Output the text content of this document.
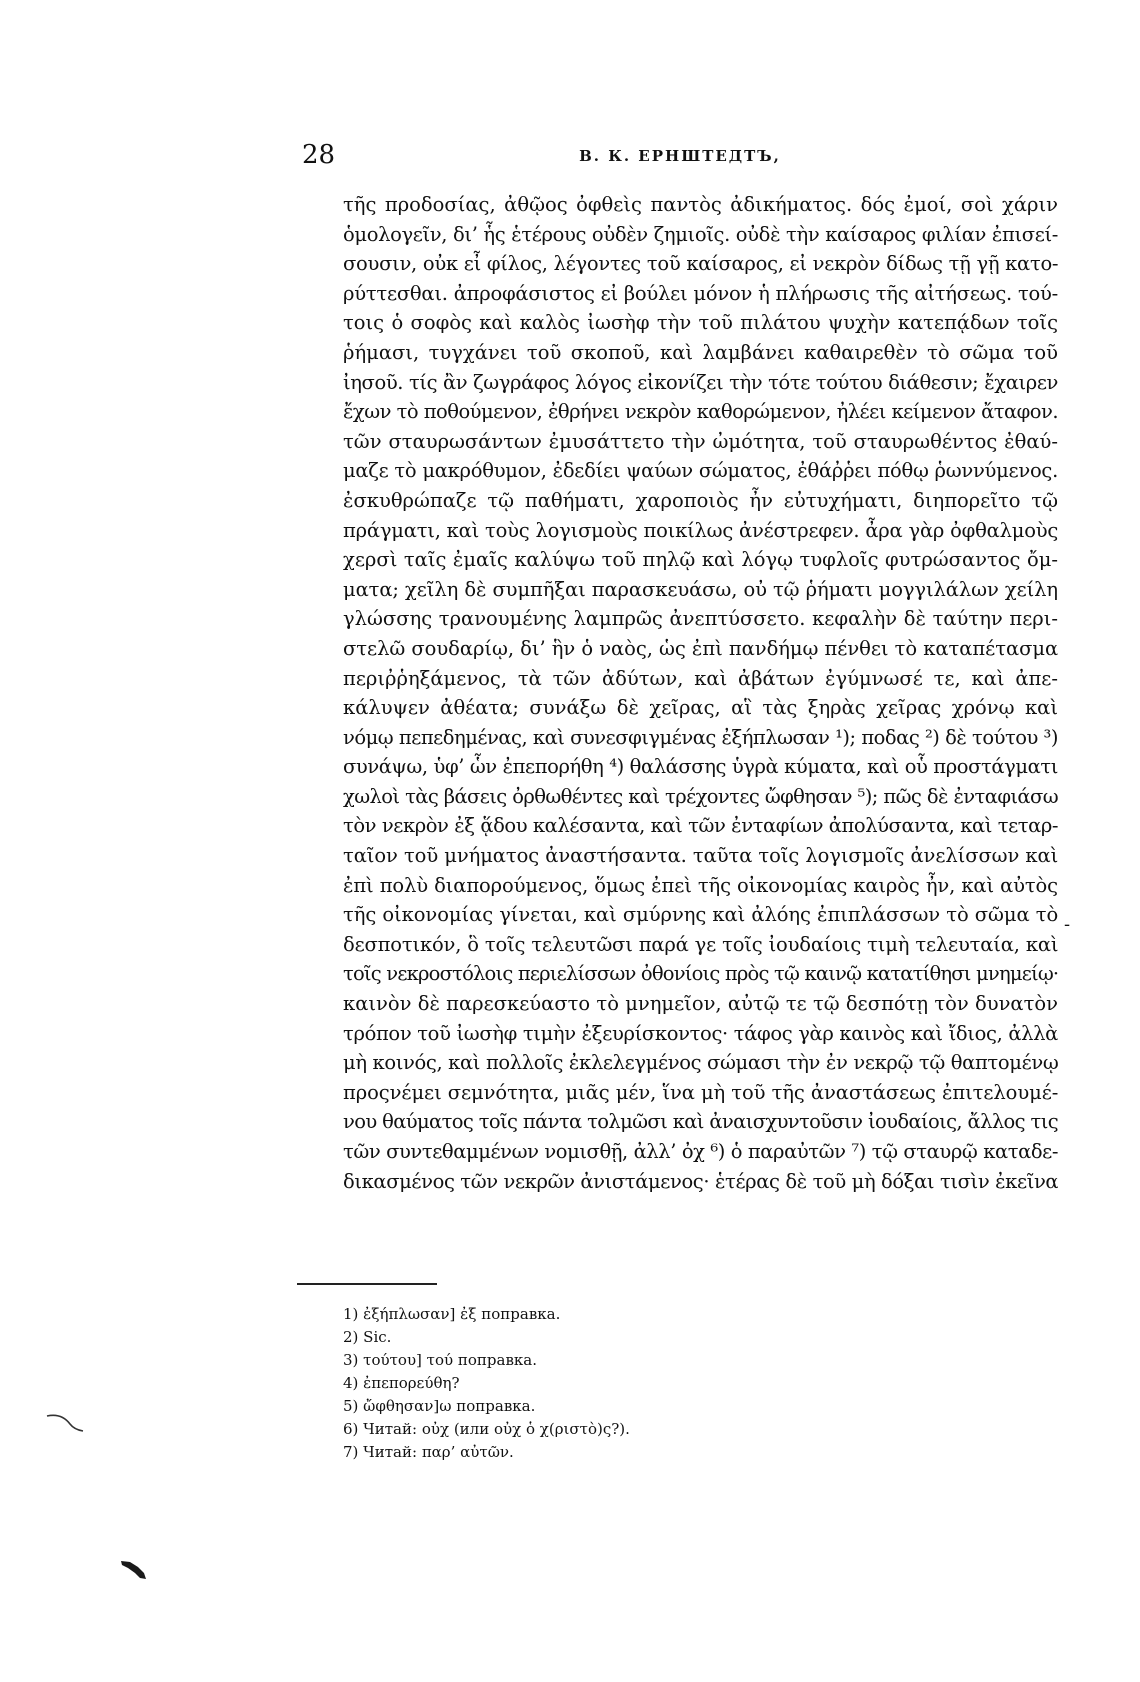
28	В. К. ЕРНШТЕДТЪ,
τῆς προδοσίας, ἀθῷος ὀφθεὶς παντὸς ἀδικήματος. δός ἐμοί, σοὶ χάριν
ὁμολογεῖν, δι’ ἧς ἑτέρους οὐδὲν ζημιοῖς. οὐδὲ τὴν καίσαρος φιλίαν ἐπισεί-
σουσιν, οὐκ εἶ φίλος, λέγοντες τοῦ καίσαρος, εἰ νεκρὸν δίδως τῇ γῇ κατο-
ρύττεσθαι. ἀπροφάσιστος εἰ βούλει μόνον ἡ πλήρωσις τῆς αἰτήσεως. τού-
τοις ὁ σοφὸς καὶ καλὸς ἰωσὴφ τὴν τοῦ πιλάτου ψυχὴν κατεπᾴδων τοῖς
ῥήμασι, τυγχάνει τοῦ σκοποῦ, καὶ λαμβάνει καθαιρεθὲν τὸ σῶμα τοῦ
ἰησοῦ. τίς ἂν ζωγράφος λόγος εἰκονίζει τὴν τότε τούτου διάθεσιν; ἔχαιρεν
ἔχων τὸ ποθούμενον, ἐθρήνει νεκρὸν καθορώμενον, ἠλέει κείμενον ἄταφον.
τῶν σταυρωσάντων ἐμυσάττετο τὴν ὠμότητα, τοῦ σταυρωθέντος ἐθαύ-
μαζε τὸ μακρόθυμον, ἐδεδίει ψαύων σώματος, ἐθάῤῥει πόθῳ ῥωννύμενος.
ἐσκυθρώπαζε τῷ παθήματι, χαροποιὸς ἦν εὐτυχήματι, διηπορεῖτο τῷ
πράγματι, καὶ τοὺς λογισμοὺς ποικίλως ἀνέστρεφεν. ἆρα γὰρ ὀφθαλμοὺς
χερσὶ ταῖς ἐμαῖς καλύψω τοῦ πηλῷ καὶ λόγῳ τυφλοῖς φυτρώσαντος ὄμ-
ματα; χεῖλη δὲ συμπῆξαι παρασκευάσω, οὐ τῷ ῥήματι μογγιλάλων χείλη
γλώσσης τρανουμένης λαμπρῶς ἀνεπτύσσετο. κεφαλὴν δὲ ταύτην περι-
στελῶ σουδαρίῳ, δι’ ἣν ὁ ναὸς, ὡς ἐπὶ πανδήμῳ πένθει τὸ καταπέτασμα
περιῤῥηξάμενος, τὰ τῶν ἀδύτων, καὶ ἀβάτων ἐγύμνωσέ τε, καὶ ἀπε-
κάλυψεν ἀθέατα; συνάξω δὲ χεῖρας, αἳ τὰς ξηρὰς χεῖρας χρόνῳ καὶ
νόμῳ πεπεδημένας, καὶ συνεσφιγμένας ἐξήπλωσαν ¹); ποδας ²) δὲ τούτου ³)
συνάψω, ὑφ’ ὧν ἐπεπορήθη ⁴) θαλάσσης ὑγρὰ κύματα, καὶ οὗ προστάγματι
χωλοὶ τὰς βάσεις ὀρθωθέντες καὶ τρέχοντες ὤφθησαν ⁵); πῶς δὲ ἐνταφιάσω
τὸν νεκρὸν ἐξ ᾅδου καλέσαντα, καὶ τῶν ἐνταφίων ἀπολύσαντα, καὶ τεταρ-
ταῖον τοῦ μνήματος ἀναστήσαντα. ταῦτα τοῖς λογισμοῖς ἀνελίσσων καὶ
ἐπὶ πολὺ διαπορούμενος, ὅμως ἐπεὶ τῆς οἰκονομίας καιρὸς ἦν, καὶ αὐτὸς
τῆς οἰκονομίας γίνεται, καὶ σμύρνης καὶ ἀλόης ἐπιπλάσσων τὸ σῶμα τὸ
δεσποτικόν, ὃ τοῖς τελευτῶσι παρά γε τοῖς ἰουδαίοις τιμὴ τελευταία, καὶ
τοῖς νεκροστόλοις περιελίσσων ὀθονίοις πρὸς τῷ καινῷ κατατίθησι μνημείῳ·
καινὸν δὲ παρεσκεύαστο τὸ μνημεῖον, αὐτῷ τε τῷ δεσπότῃ τὸν δυνατὸν
τρόπον τοῦ ἰωσὴφ τιμὴν ἐξευρίσκοντος· τάφος γὰρ καινὸς καὶ ἴδιος, ἀλλὰ
μὴ κοινός, καὶ πολλοῖς ἐκλελεγμένος σώμασι τὴν ἐν νεκρῷ τῷ θαπτομένῳ
προςνέμει σεμνότητα, μιᾶς μέν, ἵνα μὴ τοῦ τῆς ἀναστάσεως ἐπιτελουμέ-
νου θαύματος τοῖς πάντα τολμῶσι καὶ ἀναισχυντοῦσιν ἰουδαίοις, ἄλλος τις
τῶν συντεθαμμένων νομισθῇ, ἀλλ’ ὀχ ⁶) ὁ παραὐτῶν ⁷) τῷ σταυρῷ καταδε-
δικασμένος τῶν νεκρῶν ἀνιστάμενος· ἑτέρας δὲ τοῦ μὴ δόξαι τισὶν ἐκεῖνα
-
1) ἐξήπλωσαν] ἐξ поправка.
2) Sic.
3) τούτου] τού поправка.
4) ἐπεπορεύθη?
5) ὤφθησαν]ω поправка.
6) Читай: οὐχ (или οὐχ ὁ χ(ριστὸ)ς?).
7) Читай: παρ’ αὐτῶν.
